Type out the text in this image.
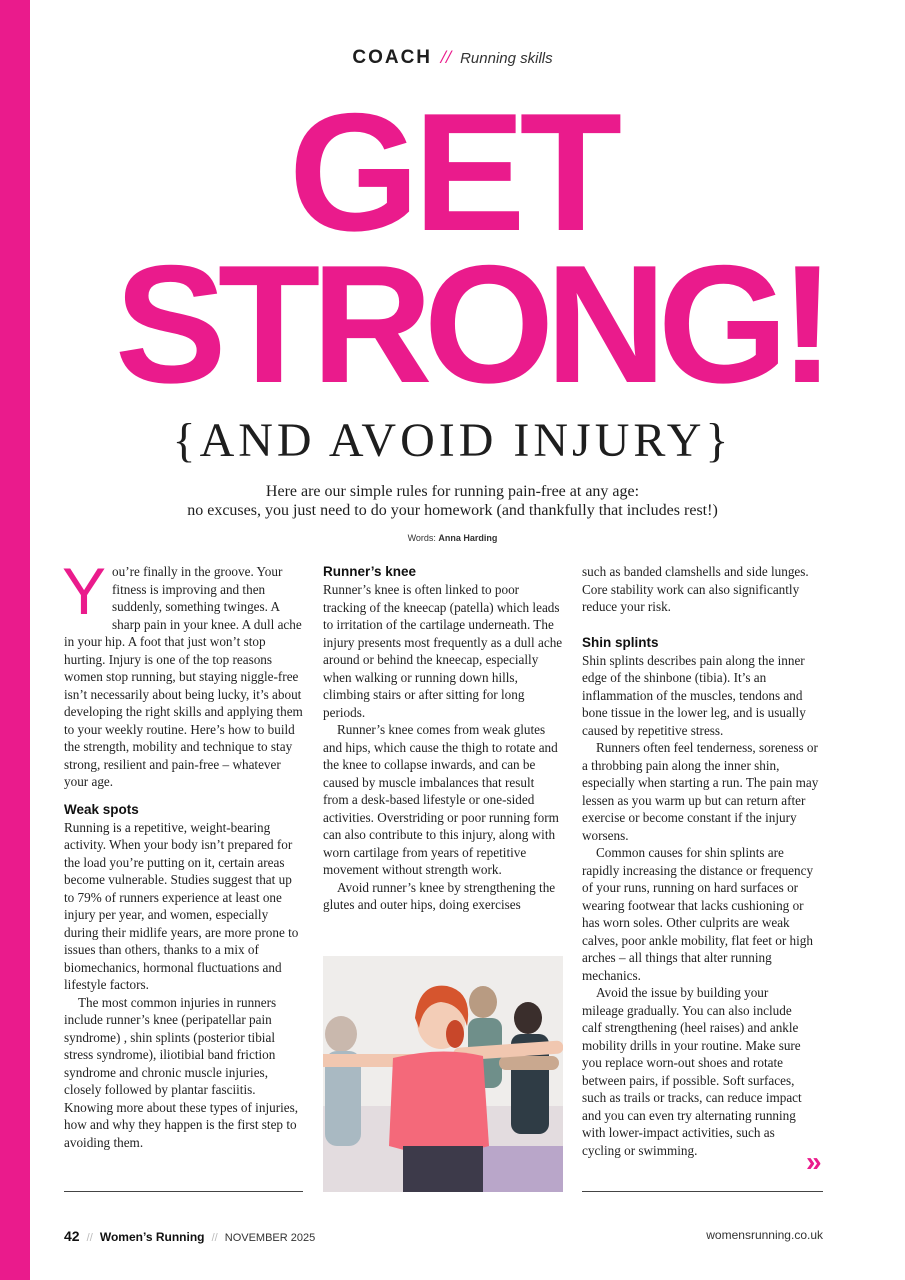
COACH // Running skills
GET
STRONG!
{AND AVOID INJURY}
Here are our simple rules for running pain-free at any age:
no excuses, you just need to do your homework (and thankfully that includes rest!)
Words: Anna Harding

You’re finally in the groove. Your fitness is improving and then suddenly, something twinges. A sharp pain in your knee. A dull ache in your hip. A foot that just won’t stop hurting. Injury is one of the top reasons women stop running, but staying niggle-free isn’t necessarily about being lucky, it’s about developing the right skills and applying them to your weekly routine. Here’s how to build the strength, mobility and technique to stay strong, resilient and pain-free – whatever your age.

Weak spots

Running is a repetitive, weight-bearing activity. When your body isn’t prepared for the load you’re putting on it, certain areas become vulnerable. Studies suggest that up to 79% of runners experience at least one injury per year, and women, especially during their midlife years, are more prone to issues than others, thanks to a mix of biomechanics, hormonal fluctuations and lifestyle factors.

The most common injuries in runners include runner’s knee (peripatellar pain syndrome) , shin splints (posterior tibial stress syndrome), iliotibial band friction syndrome and chronic muscle injuries, closely followed by plantar fasciitis. Knowing more about these types of injuries, how and why they happen is the first step to avoiding them.

Runner’s knee

Runner’s knee is often linked to poor tracking of the kneecap (patella) which leads to irritation of the cartilage underneath. The injury presents most frequently as a dull ache around or behind the kneecap, especially when walking or running down hills, climbing stairs or after sitting for long periods.

Runner’s knee comes from weak glutes and hips, which cause the thigh to rotate and the knee to collapse inwards, and can be caused by muscle imbalances that result from a desk-based lifestyle or one-sided activities. Overstriding or poor running form can also contribute to this injury, along with worn cartilage from years of repetitive movement without strength work.

Avoid runner’s knee by strengthening the glutes and outer hips, doing exercises

such as banded clamshells and side lunges. Core stability work can also significantly reduce your risk.

Shin splints

Shin splints describes pain along the inner edge of the shinbone (tibia). It’s an inflammation of the muscles, tendons and bone tissue in the lower leg, and is usually caused by repetitive stress.

Runners often feel tenderness, soreness or a throbbing pain along the inner shin, especially when starting a run. The pain may lessen as you warm up but can return after exercise or become constant if the injury worsens.

Common causes for shin splints are rapidly increasing the distance or frequency of your runs, running on hard surfaces or wearing footwear that lacks cushioning or has worn soles. Other culprits are weak calves, poor ankle mobility, flat feet or high arches – all things that alter running mechanics.

Avoid the issue by building your mileage gradually. You can also include calf strengthening (heel raises) and ankle mobility drills in your routine. Make sure you replace worn-out shoes and rotate between pairs, if possible. Soft surfaces, such as trails or tracks, can reduce impact and you can even try alternating running with lower-impact activities, such as cycling or swimming.	»
42 // Women’s Running // NOVEMBER 2025	womensrunning.co.uk
